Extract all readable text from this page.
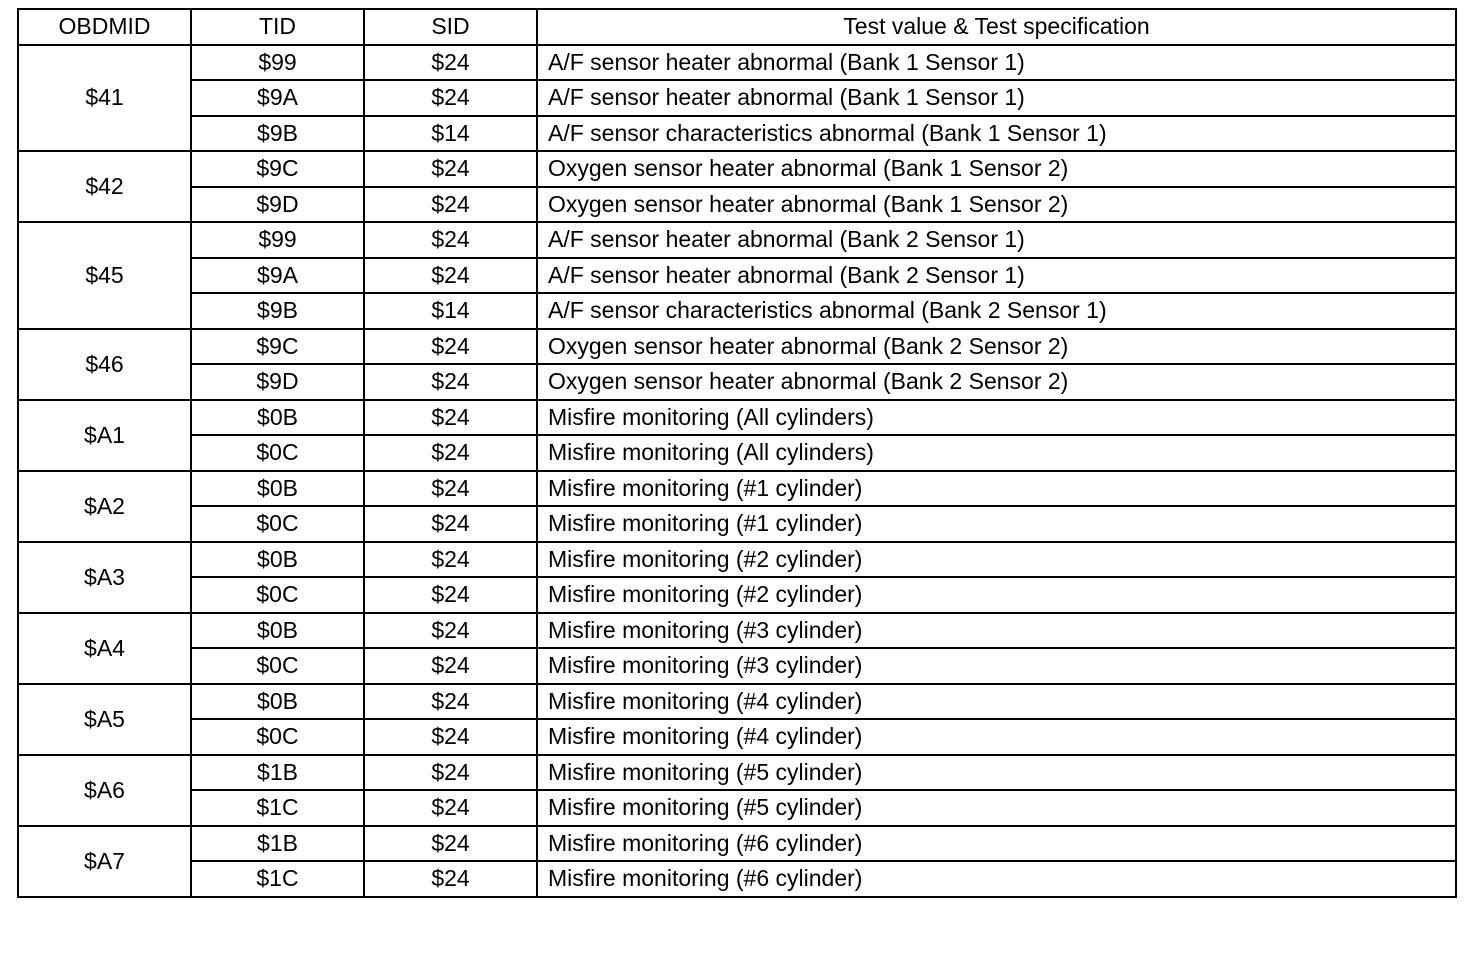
OBDMID	TID	SID	Test value & Test specification
$41	$99	$24	A/F sensor heater abnormal (Bank 1 Sensor 1)
	$9A	$24	A/F sensor heater abnormal (Bank 1 Sensor 1)
	$9B	$14	A/F sensor characteristics abnormal (Bank 1 Sensor 1)
$42	$9C	$24	Oxygen sensor heater abnormal (Bank 1 Sensor 2)
	$9D	$24	Oxygen sensor heater abnormal (Bank 1 Sensor 2)
$45	$99	$24	A/F sensor heater abnormal (Bank 2 Sensor 1)
	$9A	$24	A/F sensor heater abnormal (Bank 2 Sensor 1)
	$9B	$14	A/F sensor characteristics abnormal (Bank 2 Sensor 1)
$46	$9C	$24	Oxygen sensor heater abnormal (Bank 2 Sensor 2)
	$9D	$24	Oxygen sensor heater abnormal (Bank 2 Sensor 2)
$A1	$0B	$24	Misfire monitoring (All cylinders)
	$0C	$24	Misfire monitoring (All cylinders)
$A2	$0B	$24	Misfire monitoring (#1 cylinder)
	$0C	$24	Misfire monitoring (#1 cylinder)
$A3	$0B	$24	Misfire monitoring (#2 cylinder)
	$0C	$24	Misfire monitoring (#2 cylinder)
$A4	$0B	$24	Misfire monitoring (#3 cylinder)
	$0C	$24	Misfire monitoring (#3 cylinder)
$A5	$0B	$24	Misfire monitoring (#4 cylinder)
	$0C	$24	Misfire monitoring (#4 cylinder)
$A6	$1B	$24	Misfire monitoring (#5 cylinder)
	$1C	$24	Misfire monitoring (#5 cylinder)
$A7	$1B	$24	Misfire monitoring (#6 cylinder)
	$1C	$24	Misfire monitoring (#6 cylinder)
